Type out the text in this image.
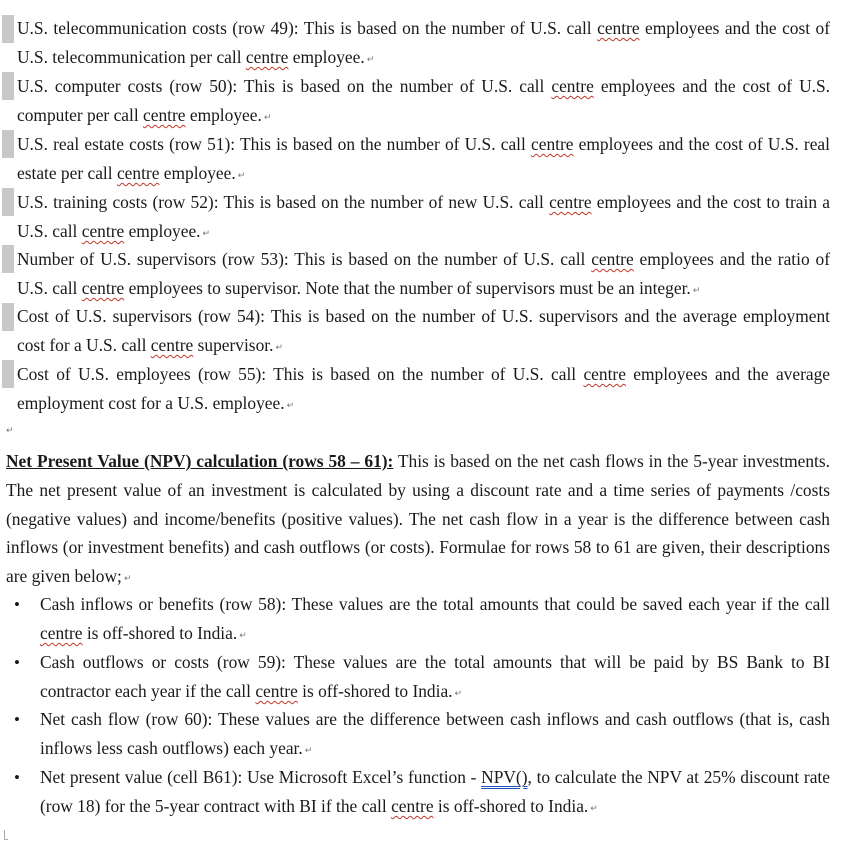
U.S. telecommunication costs (row 49): This is based on the number of U.S. call centre employees and the cost of U.S. telecommunication per call centre employee. ↵

U.S. computer costs (row 50): This is based on the number of U.S. call centre employees and the cost of U.S. computer per call centre employee. ↵

U.S. real estate costs (row 51): This is based on the number of U.S. call centre employees and the cost of U.S. real estate per call centre employee. ↵

U.S. training costs (row 52): This is based on the number of new U.S. call centre employees and the cost to train a U.S. call centre employee. ↵

Number of U.S. supervisors (row 53): This is based on the number of U.S. call centre employees and the ratio of U.S. call centre employees to supervisor. Note that the number of supervisors must be an integer. ↵

Cost of U.S. supervisors (row 54): This is based on the number of U.S. supervisors and the average employment cost for a U.S. call centre supervisor. ↵

Cost of U.S. employees (row 55): This is based on the number of U.S. call centre employees and the average employment cost for a U.S. employee. ↵

↵

Net Present Value (NPV) calculation (rows 58 – 61): This is based on the net cash flows in the 5-year investments. The net present value of an investment is calculated by using a discount rate and a time series of payments /costs (negative values) and income/benefits (positive values). The net cash flow in a year is the difference between cash inflows (or investment benefits) and cash outflows (or costs). Formulae for rows 58 to 61 are given, their descriptions are given below; ↵

• Cash inflows or benefits (row 58): These values are the total amounts that could be saved each year if the call centre is off-shored to India. ↵

• Cash outflows or costs (row 59): These values are the total amounts that will be paid by BS Bank to BI contractor each year if the call centre is off-shored to India. ↵

• Net cash flow (row 60): These values are the difference between cash inflows and cash outflows (that is, cash inflows less cash outflows) each year. ↵

• Net present value (cell B61): Use Microsoft Excel’s function - NPV(), to calculate the NPV at 25% discount rate (row 18) for the 5-year contract with BI if the call centre is off-shored to India. ↵
